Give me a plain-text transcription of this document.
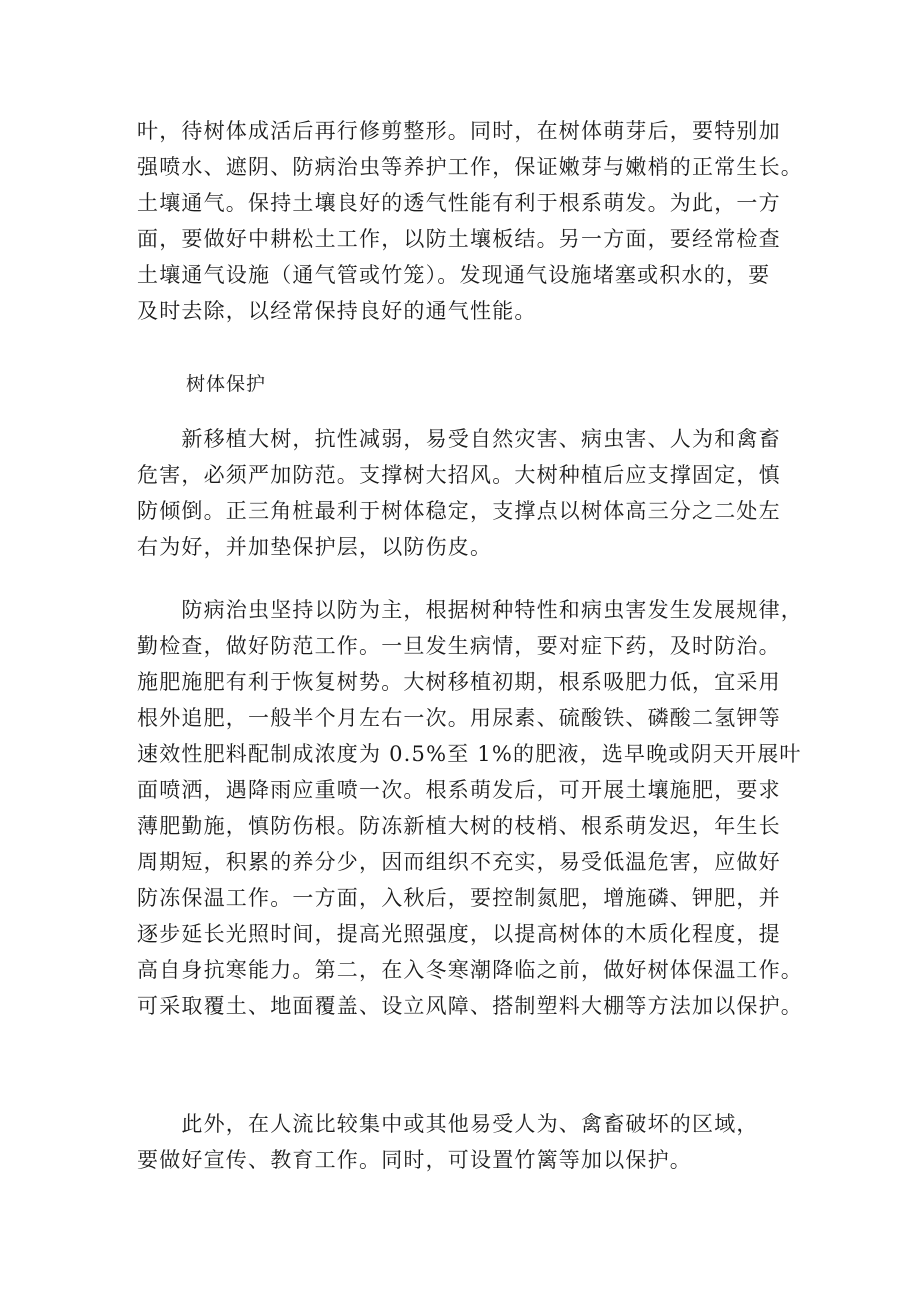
叶，待树体成活后再行修剪整形。同时，在树体萌芽后，要特别加
强喷水、遮阴、防病治虫等养护工作，保证嫩芽与嫩梢的正常生长。
土壤通气。保持土壤良好的透气性能有利于根系萌发。为此，一方
面，要做好中耕松土工作，以防土壤板结。另一方面，要经常检查
土壤通气设施（通气管或竹笼）。发现通气设施堵塞或积水的，要
及时去除，以经常保持良好的通气性能。
树体保护
　　新移植大树，抗性减弱，易受自然灾害、病虫害、人为和禽畜
危害，必须严加防范。支撑树大招风。大树种植后应支撑固定，慎
防倾倒。正三角桩最利于树体稳定，支撑点以树体高三分之二处左
右为好，并加垫保护层，以防伤皮。
　　防病治虫坚持以防为主，根据树种特性和病虫害发生发展规律，
勤检查，做好防范工作。一旦发生病情，要对症下药，及时防治。
施肥施肥有利于恢复树势。大树移植初期，根系吸肥力低，宜采用
根外追肥，一般半个月左右一次。用尿素、硫酸铁、磷酸二氢钾等
速效性肥料配制成浓度为 0.5%至 1%的肥液，选早晚或阴天开展叶
面喷洒，遇降雨应重喷一次。根系萌发后，可开展土壤施肥，要求
薄肥勤施，慎防伤根。防冻新植大树的枝梢、根系萌发迟，年生长
周期短，积累的养分少，因而组织不充实，易受低温危害，应做好
防冻保温工作。一方面，入秋后，要控制氮肥，增施磷、钾肥，并
逐步延长光照时间，提高光照强度，以提高树体的木质化程度，提
高自身抗寒能力。第二，在入冬寒潮降临之前，做好树体保温工作。
可采取覆土、地面覆盖、设立风障、搭制塑料大棚等方法加以保护。
　　此外，在人流比较集中或其他易受人为、禽畜破坏的区域，
要做好宣传、教育工作。同时，可设置竹篱等加以保护。
